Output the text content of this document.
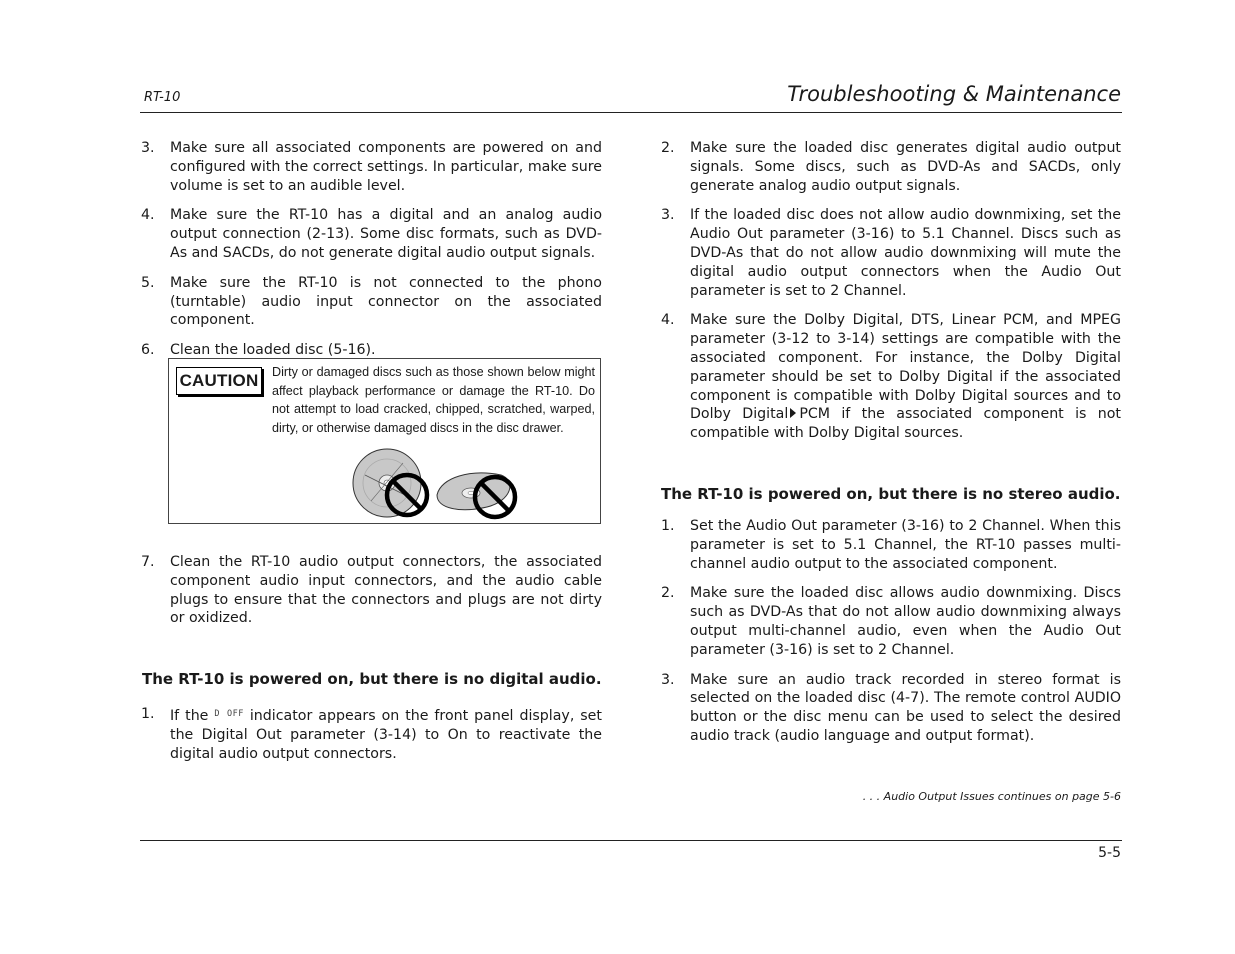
RT-10	Troubleshooting & Maintenance
3.	Make sure all associated components are powered on and configured with the correct settings. In particular, make sure volume is set to an audible level.
4.	Make sure the RT-10 has a digital and an analog audio output connection (2-13). Some disc formats, such as DVD-As and SACDs, do not generate digital audio output signals.
5.	Make sure the RT-10 is not connected to the phono (turntable) audio input connector on the associated component.
6.	Clean the loaded disc (5-16).
CAUTION Dirty or damaged discs such as those shown below might affect playback performance or damage the RT-10. Do not attempt to load cracked, chipped, scratched, warped, dirty, or otherwise damaged discs in the disc drawer.
7.	Clean the RT-10 audio output connectors, the associated component audio input connectors, and the audio cable plugs to ensure that the connectors and plugs are not dirty or oxidized.
The RT-10 is powered on, but there is no digital audio.
1.	If the $^{D OFF}$ indicator appears on the front panel display, set the Digital Out parameter (3-14) to On to reactivate the digital audio output connectors.
2.	Make sure the loaded disc generates digital audio output signals. Some discs, such as DVD-As and SACDs, only generate analog audio output signals.
3.	If the loaded disc does not allow audio downmixing, set the Audio Out parameter (3-16) to 5.1 Channel. Discs such as DVD-As that do not allow audio downmixing will mute the digital audio output connectors when the Audio Out parameter is set to 2 Channel.
4.	Make sure the Dolby Digital, DTS, Linear PCM, and MPEG parameter (3-12 to 3-14) settings are compatible with the associated component. For instance, the Dolby Digital parameter should be set to Dolby Digital if the associated component is compatible with Dolby Digital sources and to Dolby Digital PCM if the associated component is not compatible with Dolby Digital sources.
The RT-10 is powered on, but there is no stereo audio.
1.	Set the Audio Out parameter (3-16) to 2 Channel. When this parameter is set to 5.1 Channel, the RT-10 passes multi- channel audio output to the associated component.
2.	Make sure the loaded disc allows audio downmixing. Discs such as DVD-As that do not allow audio downmixing always output multi-channel audio, even when the Audio Out parameter (3-16) is set to 2 Channel.
3.	Make sure an audio track recorded in stereo format is selected on the loaded disc (4-7). The remote control AUDIO button or the disc menu can be used to select the desired audio track (audio language and output format).
. . . Audio Output Issues continues on page 5-6
5-5
